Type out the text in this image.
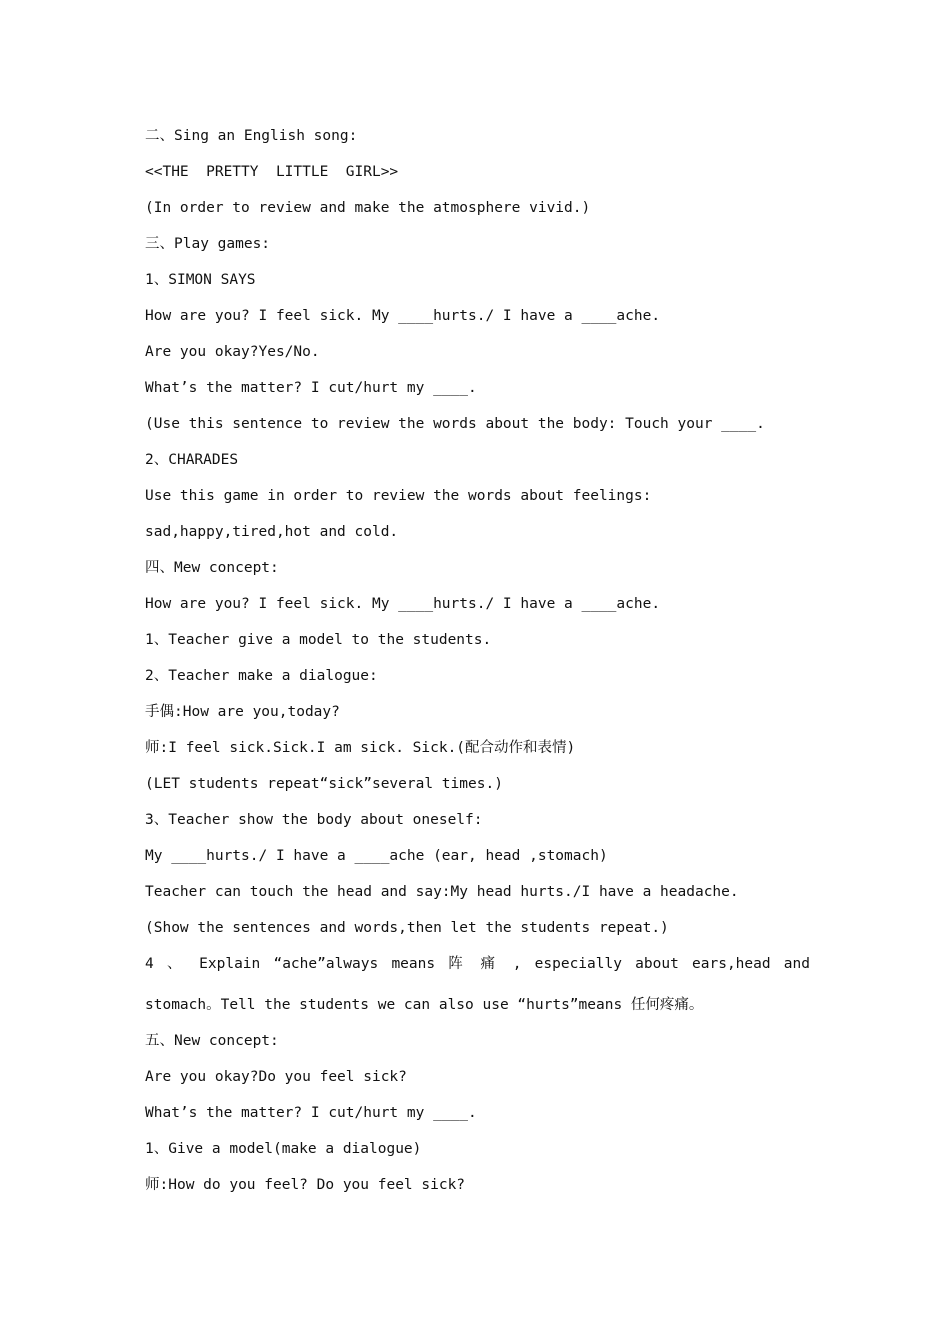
二、Sing an English song:
<<THE  PRETTY  LITTLE  GIRL>>
(In order to review and make the atmosphere vivid.)
三、Play games:
1、SIMON SAYS
How are you? I feel sick. My ____hurts./ I have a ____ache.
Are you okay?Yes/No.
What’s the matter? I cut/hurt my ____.
(Use this sentence to review the words about the body: Touch your ____.
2、CHARADES
Use this game in order to review the words about feelings:
sad,happy,tired,hot and cold.
四、Mew concept:
How are you? I feel sick. My ____hurts./ I have a ____ache.
1、Teacher give a model to the students.
2、Teacher make a dialogue:
手偶:How are you,today?
师:I feel sick.Sick.I am sick. Sick.(配合动作和表情)
(LET students repeat“sick”several times.)
3、Teacher show the body about oneself:
My ____hurts./ I have a ____ache (ear, head ,stomach)
Teacher can touch the head and say:My head hurts./I have a headache.
(Show the sentences and words,then let the students repeat.)
4 、 Explain “ache”always means 阵 痛 , especially about ears,head and
stomach。Tell the students we can also use “hurts”means 任何疼痛。
五、New concept:
Are you okay?Do you feel sick?
What’s the matter? I cut/hurt my ____.
1、Give a model(make a dialogue)
师:How do you feel? Do you feel sick?
